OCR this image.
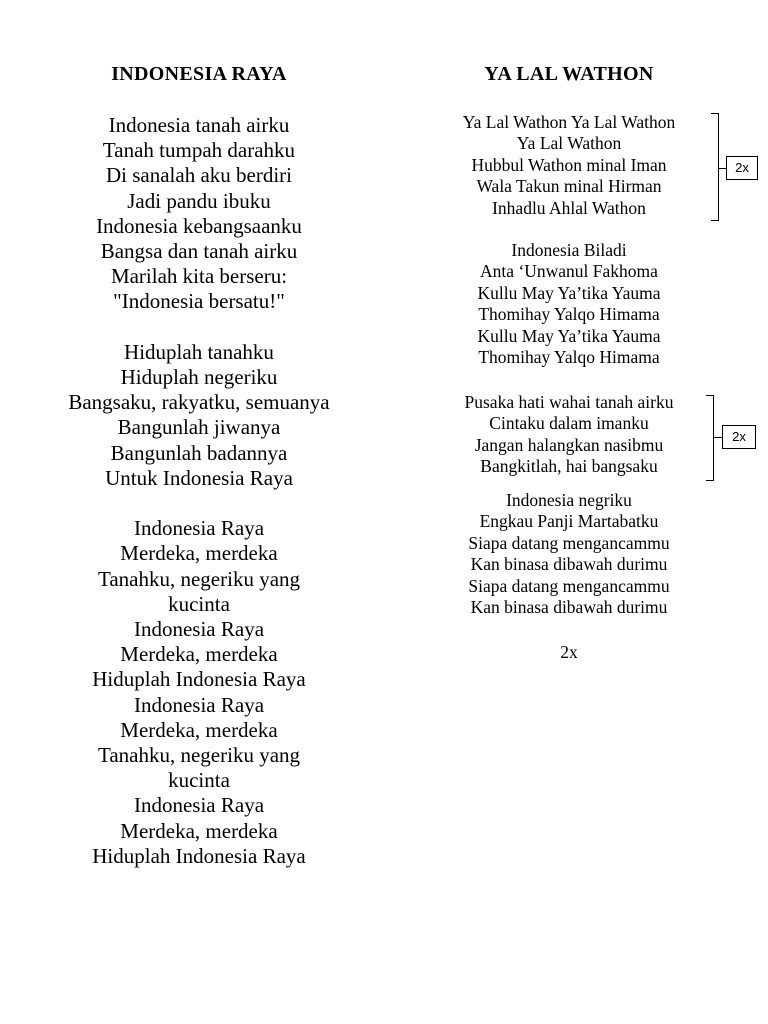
INDONESIA RAYA	YA LAL WATHON
Indonesia tanah airku
Tanah tumpah darahku
Di sanalah aku berdiri
Jadi pandu ibuku
Indonesia kebangsaanku
Bangsa dan tanah airku
Marilah kita berseru:
"Indonesia bersatu!"
Hiduplah tanahku
Hiduplah negeriku
Bangsaku, rakyatku, semuanya
Bangunlah jiwanya
Bangunlah badannya
Untuk Indonesia Raya
Indonesia Raya
Merdeka, merdeka
Tanahku, negeriku yang
kucinta
Indonesia Raya
Merdeka, merdeka
Hiduplah Indonesia Raya
Indonesia Raya
Merdeka, merdeka
Tanahku, negeriku yang
kucinta
Indonesia Raya
Merdeka, merdeka
Hiduplah Indonesia Raya
Ya Lal Wathon Ya Lal Wathon
Ya Lal Wathon
Hubbul Wathon minal Iman
Wala Takun minal Hirman
Inhadlu Ahlal Wathon
Indonesia Biladi
Anta ‘Unwanul Fakhoma
Kullu May Ya’tika Yauma
Thomihay Yalqo Himama
Kullu May Ya’tika Yauma
Thomihay Yalqo Himama
Pusaka hati wahai tanah airku
Cintaku dalam imanku
Jangan halangkan nasibmu
Bangkitlah, hai bangsaku
Indonesia negriku
Engkau Panji Martabatku
Siapa datang mengancammu
Kan binasa dibawah durimu
Siapa datang mengancammu
Kan binasa dibawah durimu
2x
2x
2x
